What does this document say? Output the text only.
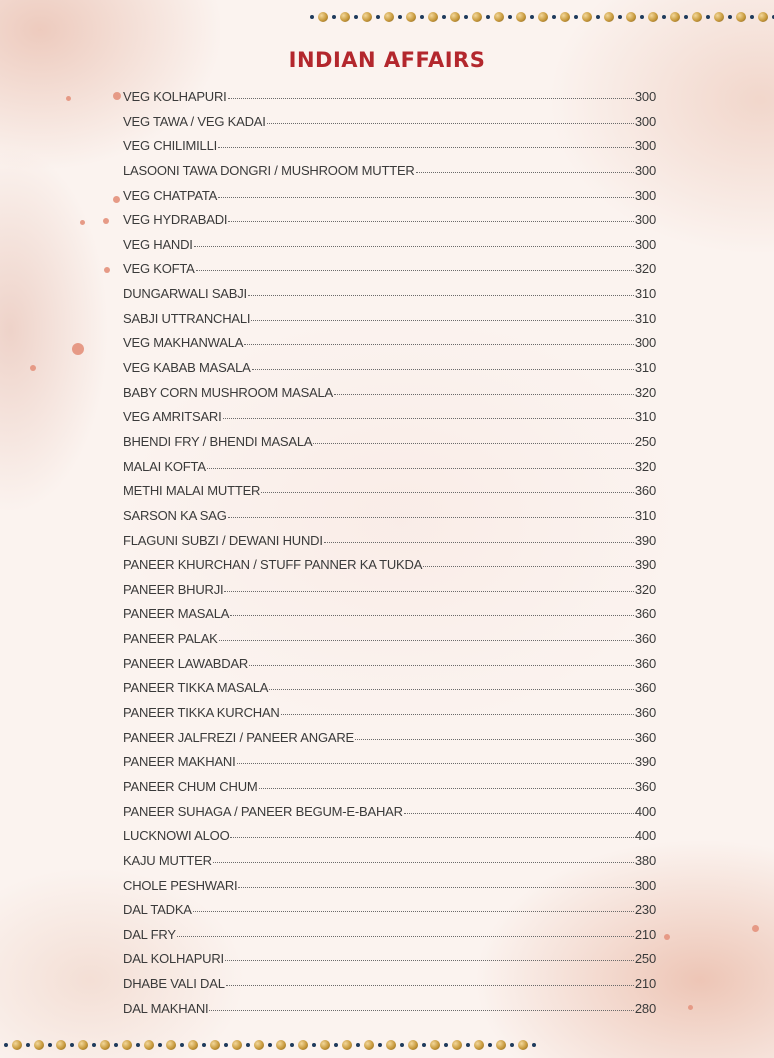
INDIAN AFFAIRS
VEG KOLHAPURI	300
VEG TAWA / VEG KADAI	300
VEG CHILIMILLI	300
LASOONI TAWA DONGRI / MUSHROOM MUTTER	300
VEG CHATPATA	300
VEG HYDRABADI	300
VEG HANDI	300
VEG KOFTA	320
DUNGARWALI SABJI	310
SABJI UTTRANCHALI	310
VEG MAKHANWALA	300
VEG KABAB MASALA	310
BABY CORN MUSHROOM MASALA	320
VEG AMRITSARI	310
BHENDI FRY / BHENDI MASALA	250
MALAI KOFTA	320
METHI MALAI MUTTER	360
SARSON KA SAG	310
FLAGUNI SUBZI / DEWANI HUNDI	390
PANEER KHURCHAN / STUFF PANNER KA TUKDA	390
PANEER BHURJI	320
PANEER MASALA	360
PANEER PALAK	360
PANEER LAWABDAR	360
PANEER TIKKA MASALA	360
PANEER TIKKA KURCHAN	360
PANEER JALFREZI / PANEER ANGARE	360
PANEER MAKHANI	390
PANEER CHUM CHUM	360
PANEER SUHAGA / PANEER BEGUM-E-BAHAR	400
LUCKNOWI ALOO	400
KAJU MUTTER	380
CHOLE PESHWARI	300
DAL TADKA	230
DAL FRY	210
DAL KOLHAPURI	250
DHABE VALI DAL	210
DAL MAKHANI	280
